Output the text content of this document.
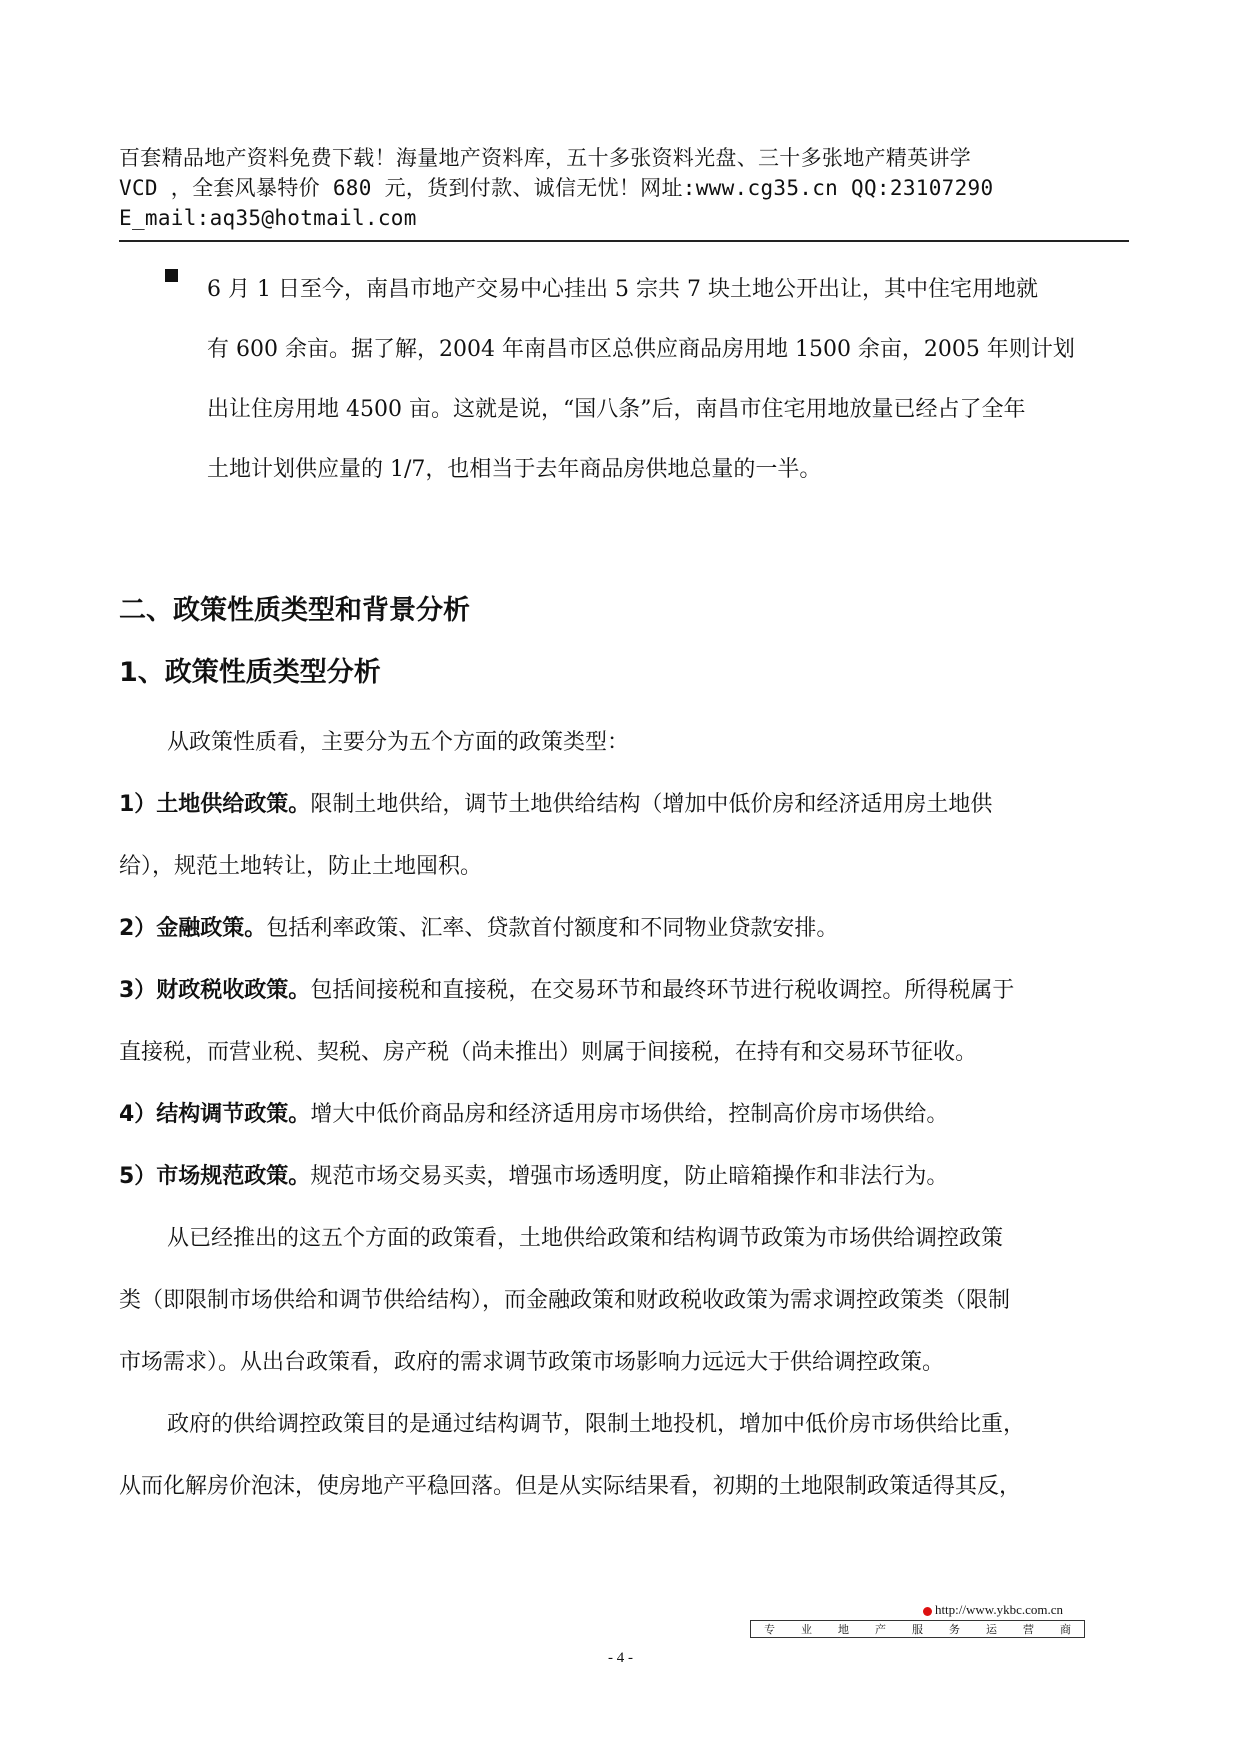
百套精品地产资料免费下载！海量地产资料库，五十多张资料光盘、三十多张地产精英讲学
VCD ，全套风暴特价 680 元，货到付款、诚信无忧！网址:www.cg35.cn QQ:23107290
E_mail:aq35@hotmail.com
6 月 1 日至今，南昌市地产交易中心挂出 5 宗共 7 块土地公开出让，其中住宅用地就
有 600 余亩。据了解，2004 年南昌市区总供应商品房用地 1500 余亩，2005 年则计划
出让住房用地 4500 亩。这就是说，“国八条”后，南昌市住宅用地放量已经占了全年
土地计划供应量的 1/7，也相当于去年商品房供地总量的一半。
二、政策性质类型和背景分析
1、政策性质类型分析

从政策性质看，主要分为五个方面的政策类型：

1）土地供给政策。限制土地供给，调节土地供给结构（增加中低价房和经济适用房土地供
给），规范土地转让，防止土地囤积。

2）金融政策。包括利率政策、汇率、贷款首付额度和不同物业贷款安排。

3）财政税收政策。包括间接税和直接税，在交易环节和最终环节进行税收调控。所得税属于
直接税，而营业税、契税、房产税（尚未推出）则属于间接税，在持有和交易环节征收。

4）结构调节政策。增大中低价商品房和经济适用房市场供给，控制高价房市场供给。

5）市场规范政策。规范市场交易买卖，增强市场透明度，防止暗箱操作和非法行为。

从已经推出的这五个方面的政策看，土地供给政策和结构调节政策为市场供给调控政策
类（即限制市场供给和调节供给结构），而金融政策和财政税收政策为需求调控政策类（限制
市场需求）。从出台政策看，政府的需求调节政策市场影响力远远大于供给调控政策。

政府的供给调控政策目的是通过结构调节，限制土地投机，增加中低价房市场供给比重，
从而化解房价泡沫，使房地产平稳回落。但是从实际结果看，初期的土地限制政策适得其反，

http://www.ykbc.com.cn
专 业 地 产 服 务 运 营 商
- 4 -
